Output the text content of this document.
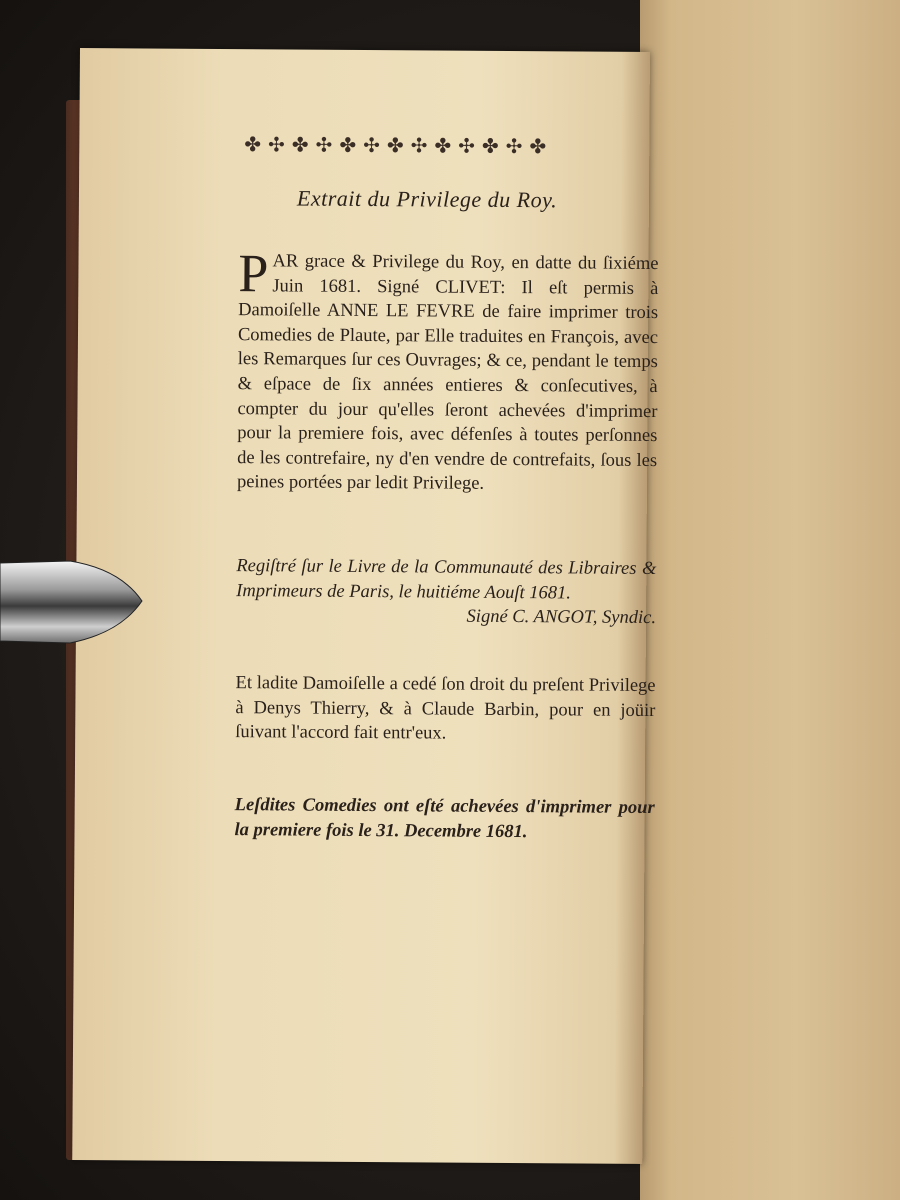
✤ ✣ ✤ ✣ ✤ ✣ ✤ ✣ ✤ ✣ ✤ ✣ ✤
Extrait du Privilege du Roy.
P AR grace & Privilege du Roy, en datte du ſixiéme Juin 1681. Signé CLIVET: Il eſt permis à Damoiſelle ANNE LE FEVRE de faire imprimer trois Comedies de Plaute, par Elle traduites en François, avec les Remarques ſur ces Ouvrages; & ce, pendant le temps & eſpace de ſix années entieres & conſecutives, à compter du jour qu'elles ſeront achevées d'imprimer pour la premiere fois, avec défenſes à toutes perſonnes de les contrefaire, ny d'en vendre de contrefaits, ſous les peines portées par ledit Privilege.
Regiſtré ſur le Livre de la Communauté des Libraires & Imprimeurs de Paris, le huitiéme Aouſt 1681.
Signé C. ANGOT, Syndic.
Et ladite Damoiſelle a cedé ſon droit du preſent Privilege à Denys Thierry, & à Claude Barbin, pour en joüir ſuivant l'accord fait entr'eux.
Leſdites Comedies ont eſté achevées d'imprimer pour la premiere fois le 31. Decembre 1681.
